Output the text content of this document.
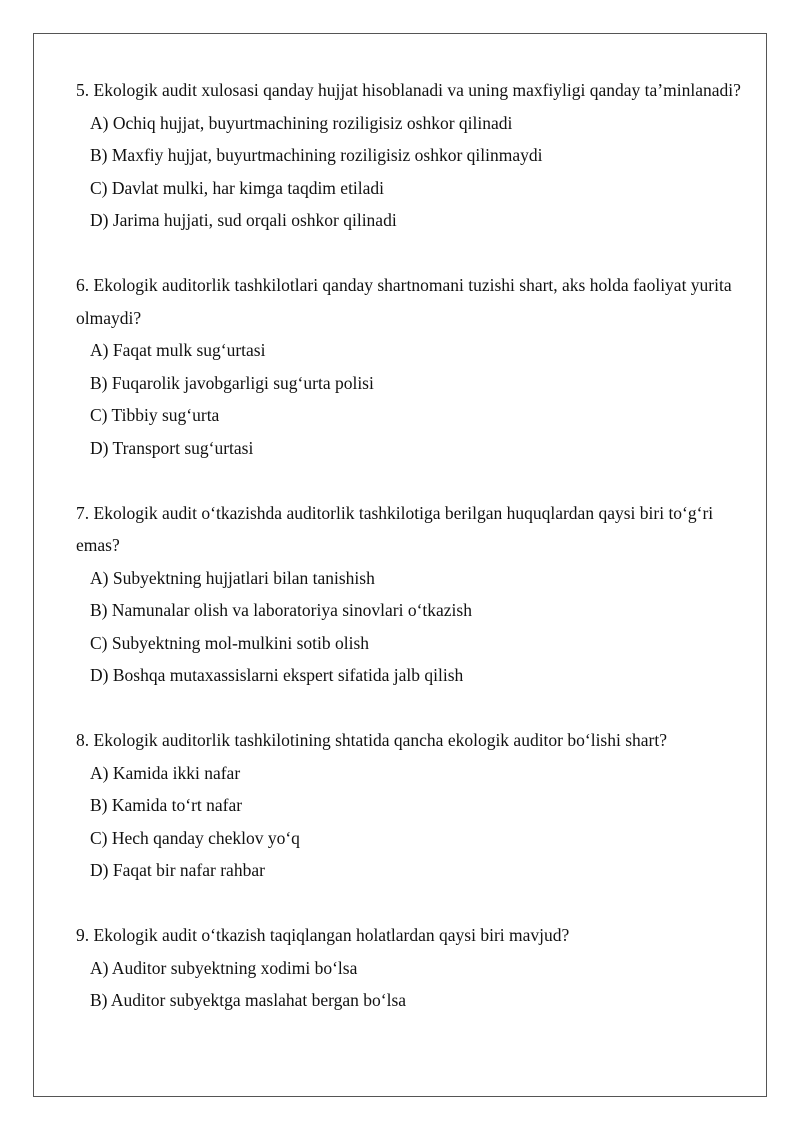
5. Ekologik audit xulosasi qanday hujjat hisoblanadi va uning maxfiyligi qanday ta’minlanadi?

A) Ochiq hujjat, buyurtmachining roziligisiz oshkor qilinadi

B) Maxfiy hujjat, buyurtmachining roziligisiz oshkor qilinmaydi

C) Davlat mulki, har kimga taqdim etiladi

D) Jarima hujjati, sud orqali oshkor qilinadi

6. Ekologik auditorlik tashkilotlari qanday shartnomani tuzishi shart, aks holda faoliyat yurita olmaydi?

A) Faqat mulk sug‘urtasi

B) Fuqarolik javobgarligi sug‘urta polisi

C) Tibbiy sug‘urta

D) Transport sug‘urtasi

7. Ekologik audit o‘tkazishda auditorlik tashkilotiga berilgan huquqlardan qaysi biri to‘g‘ri emas?

A) Subyektning hujjatlari bilan tanishish

B) Namunalar olish va laboratoriya sinovlari o‘tkazish

C) Subyektning mol-mulkini sotib olish

D) Boshqa mutaxassislarni ekspert sifatida jalb qilish

8. Ekologik auditorlik tashkilotining shtatida qancha ekologik auditor bo‘lishi shart?

A) Kamida ikki nafar

B) Kamida to‘rt nafar

C) Hech qanday cheklov yo‘q

D) Faqat bir nafar rahbar

9. Ekologik audit o‘tkazish taqiqlangan holatlardan qaysi biri mavjud?

A) Auditor subyektning xodimi bo‘lsa

B) Auditor subyektga maslahat bergan bo‘lsa
